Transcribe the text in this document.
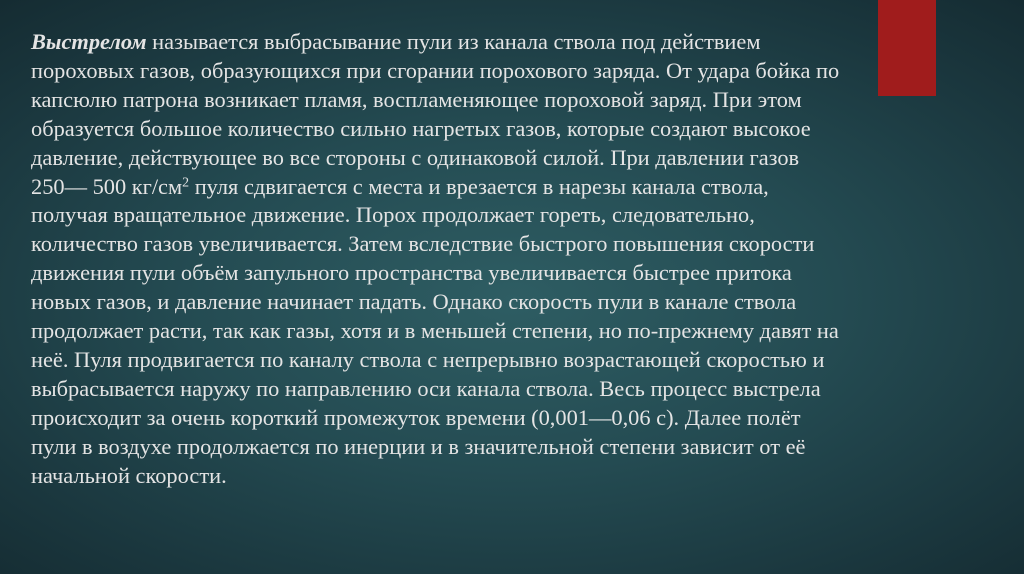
Выстрелом называется выбрасывание пули из канала ствола под действием
пороховых газов, образующихся при сгорании порохового заряда. От удара бойка по
капсюлю патрона возникает пламя, воспламеняющее пороховой заряд. При этом
образуется большое количество сильно нагретых газов, которые создают высокое
давление, действующее во все стороны с одинаковой силой. При давлении газов
250— 500 $кг/см^2$ пуля сдвигается с места и врезается в нарезы канала ствола,
получая вращательное движение. Порох продолжает гореть, следовательно,
количество газов увеличивается. Затем вследствие быстрого повышения скорости
движения пули объём запульного пространства увеличивается быстрее притока
новых газов, и давление начинает падать. Однако скорость пули в канале ствола
продолжает расти, так как газы, хотя и в меньшей степени, но по-прежнему давят на
неё. Пуля продвигается по каналу ствола с непрерывно возрастающей скоростью и
выбрасывается наружу по направлению оси канала ствола. Весь процесс выстрела
происходит за очень короткий промежуток времени (0,001—0,06 с). Далее полёт
пули в воздухе продолжается по инерции и в значительной степени зависит от её
начальной скорости.
